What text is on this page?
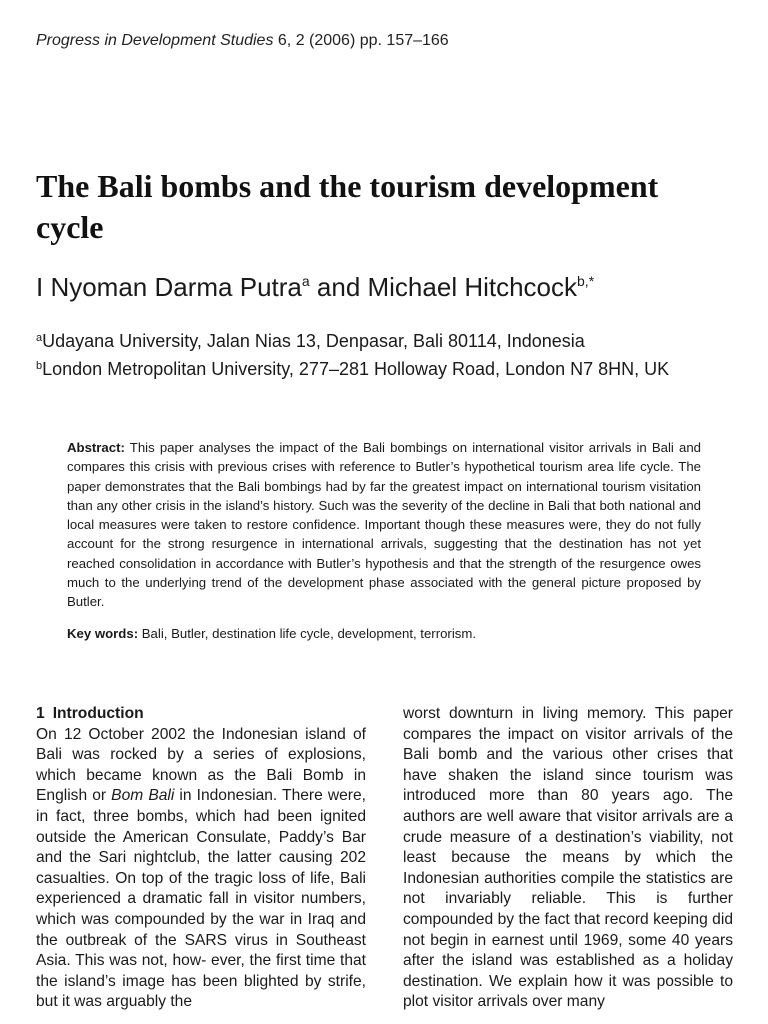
Progress in Development Studies 6, 2 (2006) pp. 157–166
The Bali bombs and the tourism development cycle
I Nyoman Darma Putra$^a$ and Michael Hitchcock$^{b,*}$
$^a$Udayana University, Jalan Nias 13, Denpasar, Bali 80114, Indonesia
$^b$London Metropolitan University, 277–281 Holloway Road, London N7 8HN, UK

Abstract: This paper analyses the impact of the Bali bombings on international visitor arrivals in Bali and compares this crisis with previous crises with reference to Butler’s hypothetical tourism area life cycle. The paper demonstrates that the Bali bombings had by far the greatest impact on international tourism visitation than any other crisis in the island’s history. Such was the severity of the decline in Bali that both national and local measures were taken to restore confidence. Important though these measures were, they do not fully account for the strong resurgence in international arrivals, suggesting that the destination has not yet reached consolidation in accordance with Butler’s hypothesis and that the strength of the resurgence owes much to the underlying trend of the development phase associated with the general picture proposed by Butler.

Key words: Bali, Butler, destination life cycle, development, terrorism.

1 Introduction

On 12 October 2002 the Indonesian island of Bali was rocked by a series of explosions, which became known as the Bali Bomb in English or Bom Bali in Indonesian. There were, in fact, three bombs, which had been ignited outside the American Consulate, Paddy’s Bar and the Sari nightclub, the latter causing 202 casualties. On top of the tragic loss of life, Bali experienced a dramatic fall in visitor numbers, which was compounded by the war in Iraq and the outbreak of the SARS virus in Southeast Asia. This was not, how- ever, the first time that the island’s image has been blighted by strife, but it was arguably the

worst downturn in living memory. This paper compares the impact on visitor arrivals of the Bali bomb and the various other crises that have shaken the island since tourism was introduced more than 80 years ago. The authors are well aware that visitor arrivals are a crude measure of a destination’s viability, not least because the means by which the Indonesian authorities compile the statistics are not invariably reliable. This is further compounded by the fact that record keeping did not begin in earnest until 1969, some 40 years after the island was established as a holiday destination. We explain how it was possible to plot visitor arrivals over many
